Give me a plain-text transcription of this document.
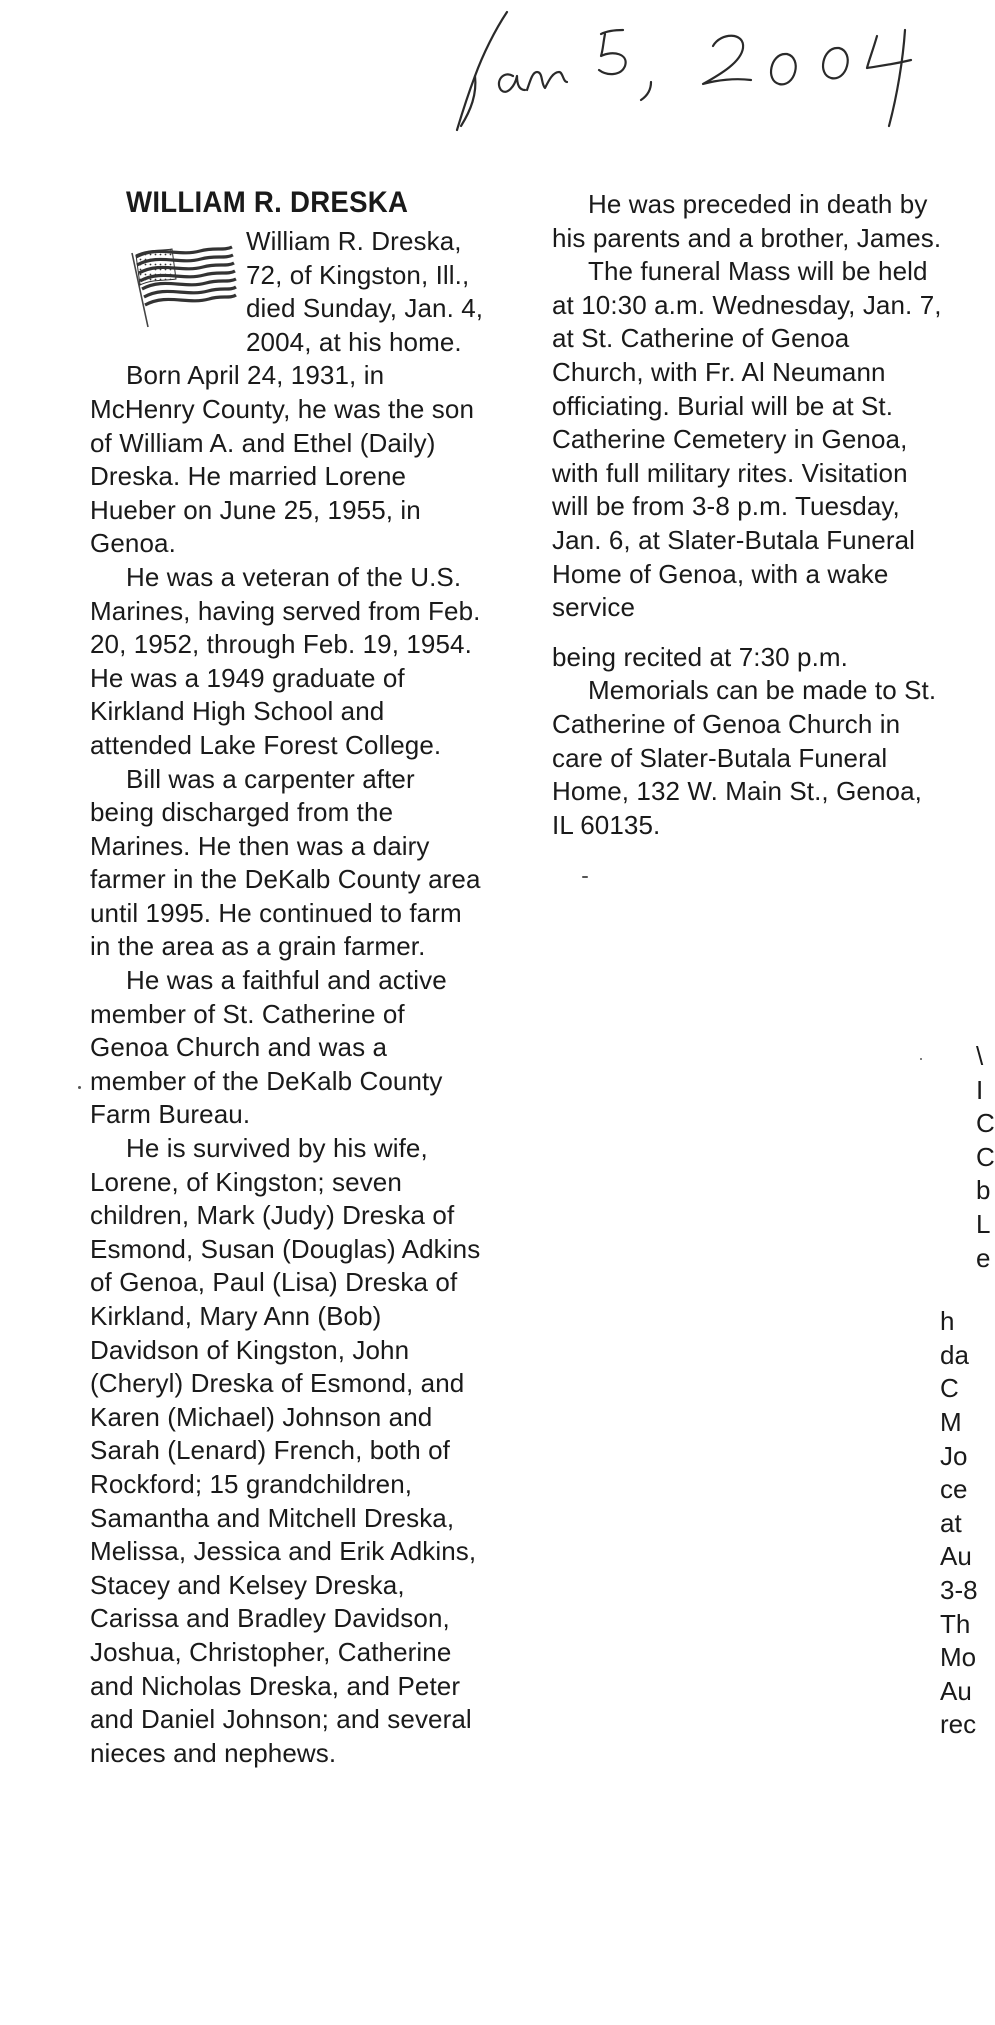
WILLIAM R. DRESKA

William R. Dreska, 72, of Kingston, Ill., died Sunday, Jan. 4, 2004, at his home.

Born April 24, 1931, in McHenry County, he was the son of William A. and Ethel (Daily) Dreska. He married Lorene Hueber on June 25, 1955, in Genoa.

He was a veteran of the U.S. Marines, having served from Feb. 20, 1952, through Feb. 19, 1954. He was a 1949 graduate of Kirkland High School and attended Lake Forest College.

Bill was a carpenter after being discharged from the Marines. He then was a dairy farmer in the DeKalb County area until 1995. He continued to farm in the area as a grain farmer.

He was a faithful and active member of St. Catherine of Genoa Church and was a member of the DeKalb County Farm Bureau.

He is survived by his wife, Lorene, of Kingston; seven children, Mark (Judy) Dreska of Esmond, Susan (Douglas) Adkins of Genoa, Paul (Lisa) Dreska of Kirkland, Mary Ann (Bob) Davidson of Kingston, John (Cheryl) Dreska of Esmond, and Karen (Michael) Johnson and Sarah (Lenard) French, both of Rockford; 15 grandchildren, Samantha and Mitchell Dreska, Melissa, Jessica and Erik Adkins, Stacey and Kelsey Dreska, Carissa and Bradley Davidson, Joshua, Christopher, Catherine and Nicholas Dreska, and Peter and Daniel Johnson; and several nieces and nephews.

He was preceded in death by his parents and a brother, James.

The funeral Mass will be held at 10:30 a.m. Wednesday, Jan. 7, at St. Catherine of Genoa Church, with Fr. Al Neumann officiating. Burial will be at St. Catherine Cemetery in Genoa, with full military rites. Visitation will be from 3-8 p.m. Tuesday, Jan. 6, at Slater-Butala Funeral Home of Genoa, with a wake service

being recited at 7:30 p.m.

Memorials can be made to St. Catherine of Genoa Church in care of Slater-Butala Funeral Home, 132 W. Main St., Genoa, IL 60135.

\
I
C
C
b
L
e
h
da
C
M
Jo
ce
at
Au
3-8
Th
Mo
Au
rec
